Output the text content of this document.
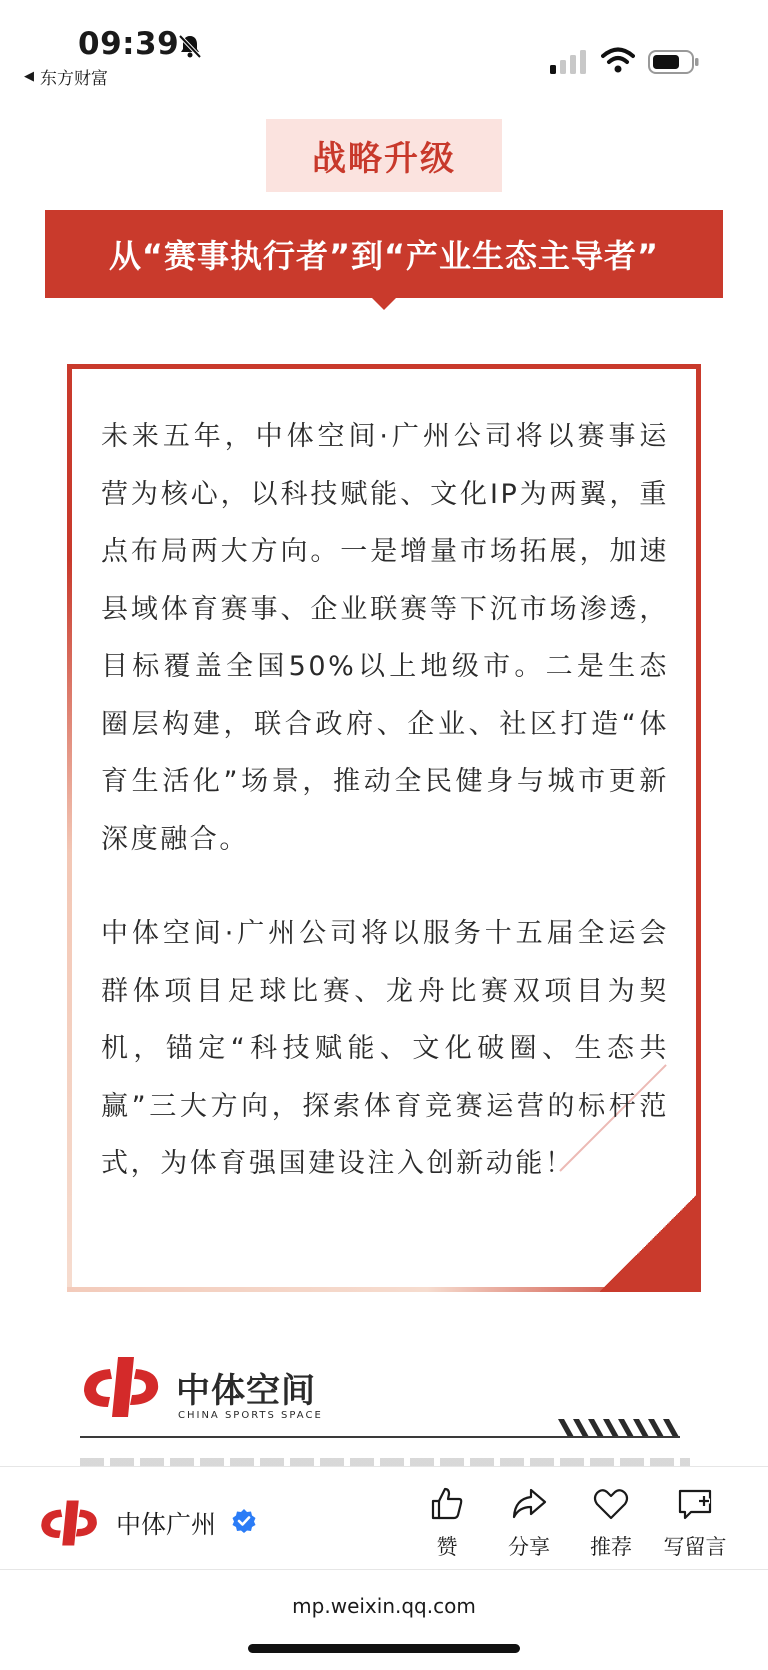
09:39
◀ 东方财富
战略升级
从“赛事执行者”到“产业生态主导者”

未来五年，中体空间·广州公司将以赛事运营为核心，以科技赋能、文化IP为两翼，重点布局两大方向。一是增量市场拓展，加速县域体育赛事、企业联赛等下沉市场渗透，目标覆盖全国50%以上地级市。二是生态圈层构建，联合政府、企业、社区打造“体育生活化”场景，推动全民健身与城市更新深度融合。

中体空间·广州公司将以服务十五届全运会群体项目足球比赛、龙舟比赛双项目为契机，锚定“科技赋能、文化破圈、生态共赢”三大方向，探索体育竞赛运营的标杆范式，为体育强国建设注入创新动能！

中体空间
CHINA SPORTS SPACE
中体广州
赞	分享	推荐	写留言
mp.weixin.qq.com
